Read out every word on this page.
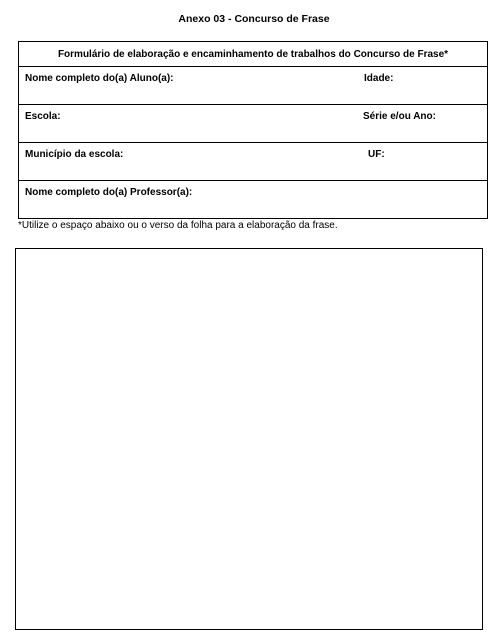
Anexo 03 - Concurso de Frase
Formulário de elaboração e encaminhamento de trabalhos do Concurso de Frase*
Nome completo do(a) Aluno(a):	Idade:
Escola:	Série e/ou Ano:
Município da escola:	UF:
Nome completo do(a) Professor(a):
*Utilize o espaço abaixo ou o verso da folha para a elaboração da frase.
